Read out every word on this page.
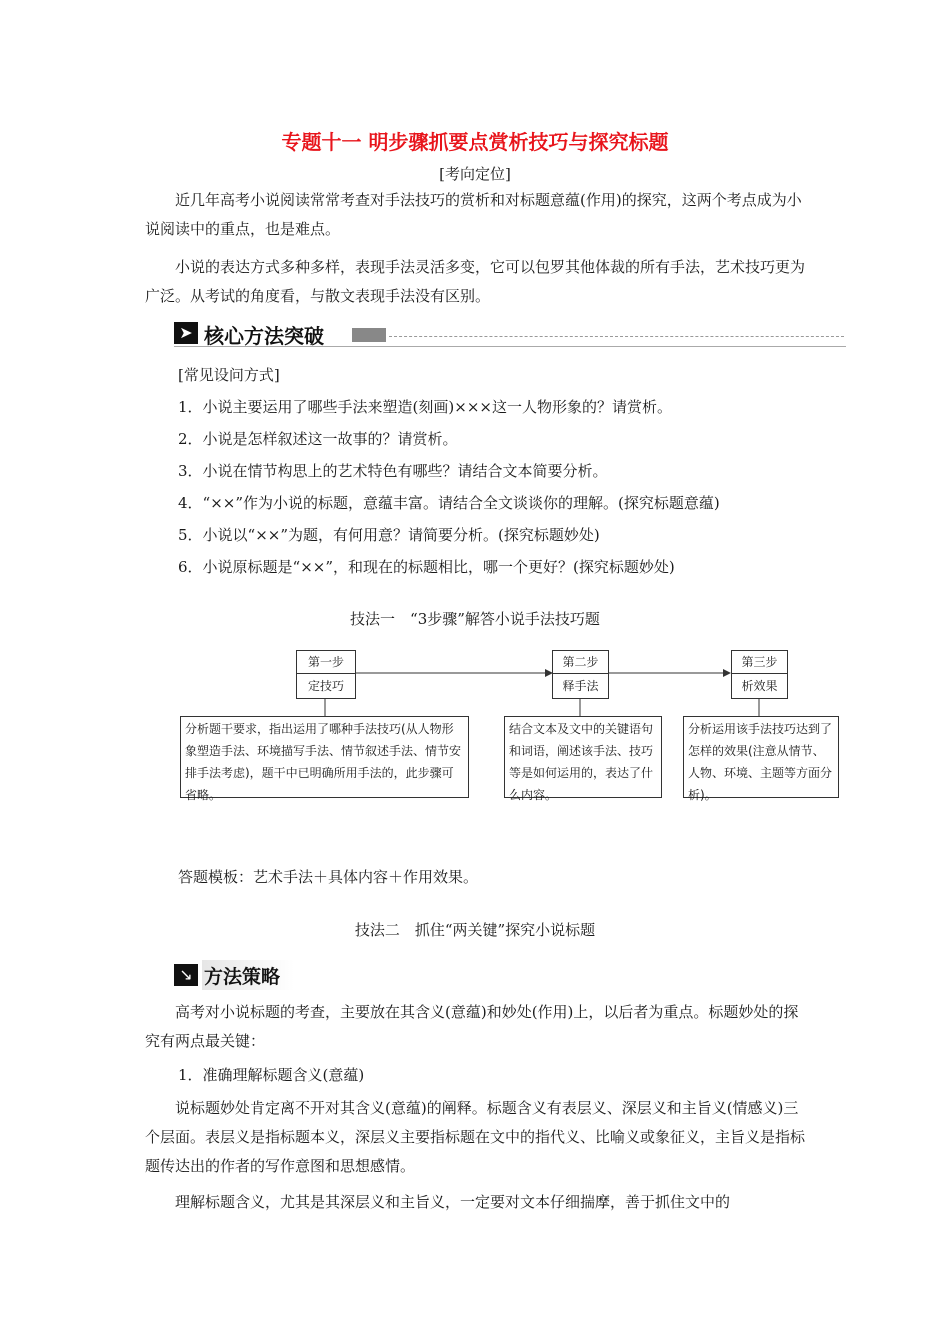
专题十一 明步骤抓要点赏析技巧与探究标题
[考向定位]

近几年高考小说阅读常常考查对手法技巧的赏析和对标题意蕴(作用)的探究，这两个考点成为小说阅读中的重点，也是难点。

小说的表达方式多种多样，表现手法灵活多变，它可以包罗其他体裁的所有手法，艺术技巧更为广泛。从考试的角度看，与散文表现手法没有区别。

➤ 核心方法突破
[常见设问方式]
1．小说主要运用了哪些手法来塑造(刻画)×××这一人物形象的？请赏析。
2．小说是怎样叙述这一故事的？请赏析。
3．小说在情节构思上的艺术特色有哪些？请结合文本简要分析。
4．“××”作为小说的标题，意蕴丰富。请结合全文谈谈你的理解。(探究标题意蕴)
5．小说以“××”为题，有何用意？请简要分析。(探究标题妙处)
6．小说原标题是“××”，和现在的标题相比，哪一个更好？(探究标题妙处)
技法一　“3步骤”解答小说手法技巧题
第一步
定技巧
第二步
释手法
第三步
析效果
分析题干要求，指出运用了哪种手法技巧(从人物形象塑造手法、环境描写手法、情节叙述手法、情节安排手法考虑)，题干中已明确所用手法的，此步骤可省略。
结合文本及文中的关键语句和词语，阐述该手法、技巧等是如何运用的，表达了什么内容。
分析运用该手法技巧达到了怎样的效果(注意从情节、人物、环境、主题等方面分析)。
答题模板：艺术手法＋具体内容＋作用效果。
技法二　抓住“两关键”探究小说标题
↘ 方法策略

高考对小说标题的考查，主要放在其含义(意蕴)和妙处(作用)上，以后者为重点。标题妙处的探究有两点最关键：

1．准确理解标题含义(意蕴)

说标题妙处肯定离不开对其含义(意蕴)的阐释。标题含义有表层义、深层义和主旨义(情感义)三个层面。表层义是指标题本义，深层义主要指标题在文中的指代义、比喻义或象征义，主旨义是指标题传达出的作者的写作意图和思想感情。

理解标题含义，尤其是其深层义和主旨义，一定要对文本仔细揣摩，善于抓住文中的
